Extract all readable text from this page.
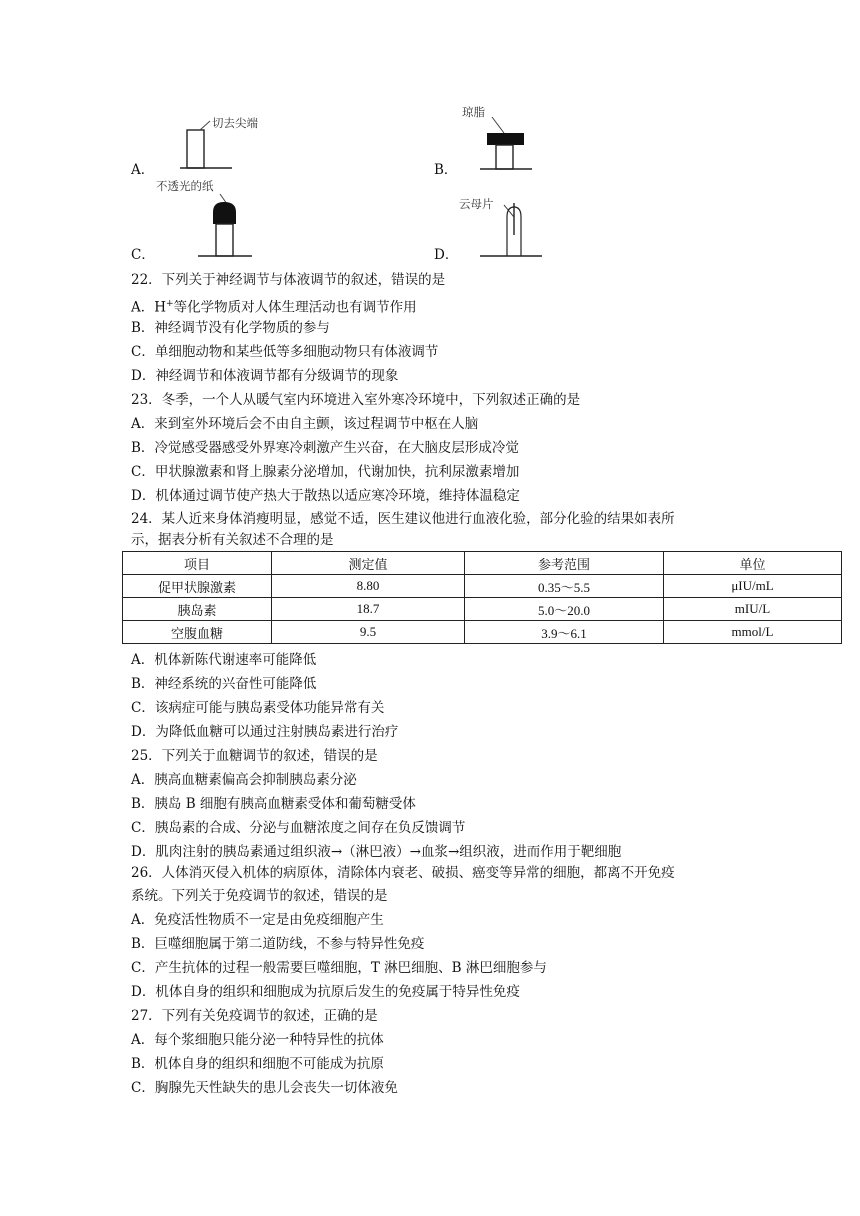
A．
切去尖端
B．
琼脂
C．
不透光的纸
D．
云母片
22．下列关于神经调节与体液调节的叙述，错误的是
A．H+等化学物质对人体生理活动也有调节作用
B．神经调节没有化学物质的参与
C．单细胞动物和某些低等多细胞动物只有体液调节
D．神经调节和体液调节都有分级调节的现象
23．冬季，一个人从暖气室内环境进入室外寒冷环境中，下列叙述正确的是
A．来到室外环境后会不由自主颤，该过程调节中枢在人脑
B．冷觉感受器感受外界寒冷刺激产生兴奋，在大脑皮层形成冷觉
C．甲状腺激素和肾上腺素分泌增加，代谢加快，抗利尿激素增加
D．机体通过调节使产热大于散热以适应寒冷环境，维持体温稳定
24．某人近来身体消瘦明显，感觉不适，医生建议他进行血液化验，部分化验的结果如表所
示，据表分析有关叙述不合理的是
项目	测定值	参考范围	单位
促甲状腺激素	8.80	0.35～5.5	μIU/mL
胰岛素	18.7	5.0～20.0	mIU/L
空腹血糖	9.5	3.9～6.1	mmol/L
A．机体新陈代谢速率可能降低
B．神经系统的兴奋性可能降低
C．该病症可能与胰岛素受体功能异常有关
D．为降低血糖可以通过注射胰岛素进行治疗
25．下列关于血糖调节的叙述，错误的是
A．胰高血糖素偏高会抑制胰岛素分泌
B．胰岛 B 细胞有胰高血糖素受体和葡萄糖受体
C．胰岛素的合成、分泌与血糖浓度之间存在负反馈调节
D．肌肉注射的胰岛素通过组织液→（淋巴液）→血浆→组织液，进而作用于靶细胞
26．人体消灭侵入机体的病原体，清除体内衰老、破损、癌变等异常的细胞，都离不开免疫
系统。下列关于免疫调节的叙述，错误的是
A．免疫活性物质不一定是由免疫细胞产生
B．巨噬细胞属于第二道防线，不参与特异性免疫
C．产生抗体的过程一般需要巨噬细胞，T 淋巴细胞、B 淋巴细胞参与
D．机体自身的组织和细胞成为抗原后发生的免疫属于特异性免疫
27．下列有关免疫调节的叙述，正确的是
A．每个浆细胞只能分泌一种特异性的抗体
B．机体自身的组织和细胞不可能成为抗原
C．胸腺先天性缺失的患儿会丧失一切体液免
